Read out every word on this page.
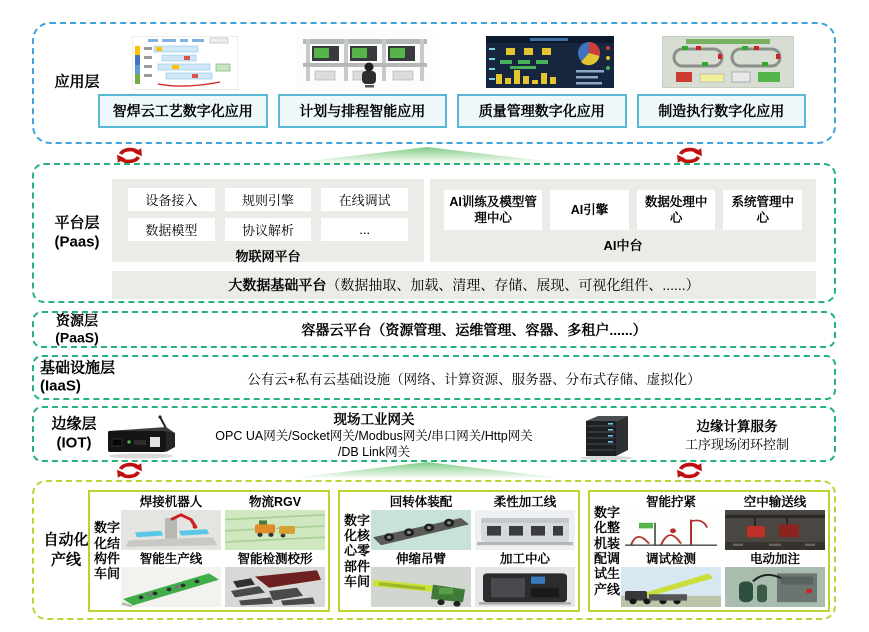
应用层
智焊云工艺数字化应用	计划与排程智能应用	质量管理数字化应用	制造执行数字化应用
平台层
(Paas)
设备接入	规则引擎	在线调试
数据模型	协议解析	...
物联网平台
AI训练及模型管理中心
AI引擎
数据处理中心
系统管理中心
AI中台
大数据基础平台 （数据抽取、加载、清理、存储、展现、可视化组件、......）
资源层
(PaaS)	容器云平台（资源管理、运维管理、容器、多租户......）
基础设施层
(IaaS)	公有云+私有云基础设施（网络、计算资源、服务器、分布式存储、虚拟化）
边缘层
(IOT)
现场工业网关
OPC UA网关/Socket网关/Modbus网关/串口网关/Http网关
/DB Link网关
边缘计算服务
工序现场闭环控制
自动化产线
数字化结构件车间
焊接机器人	物流RGV
智能生产线	智能检测校形
数字化核心零部件车间
回转体装配	柔性加工线
伸缩吊臂	加工中心
数字化整机装配调试生产线
智能拧紧	空中输送线
调试检测	电动加注
